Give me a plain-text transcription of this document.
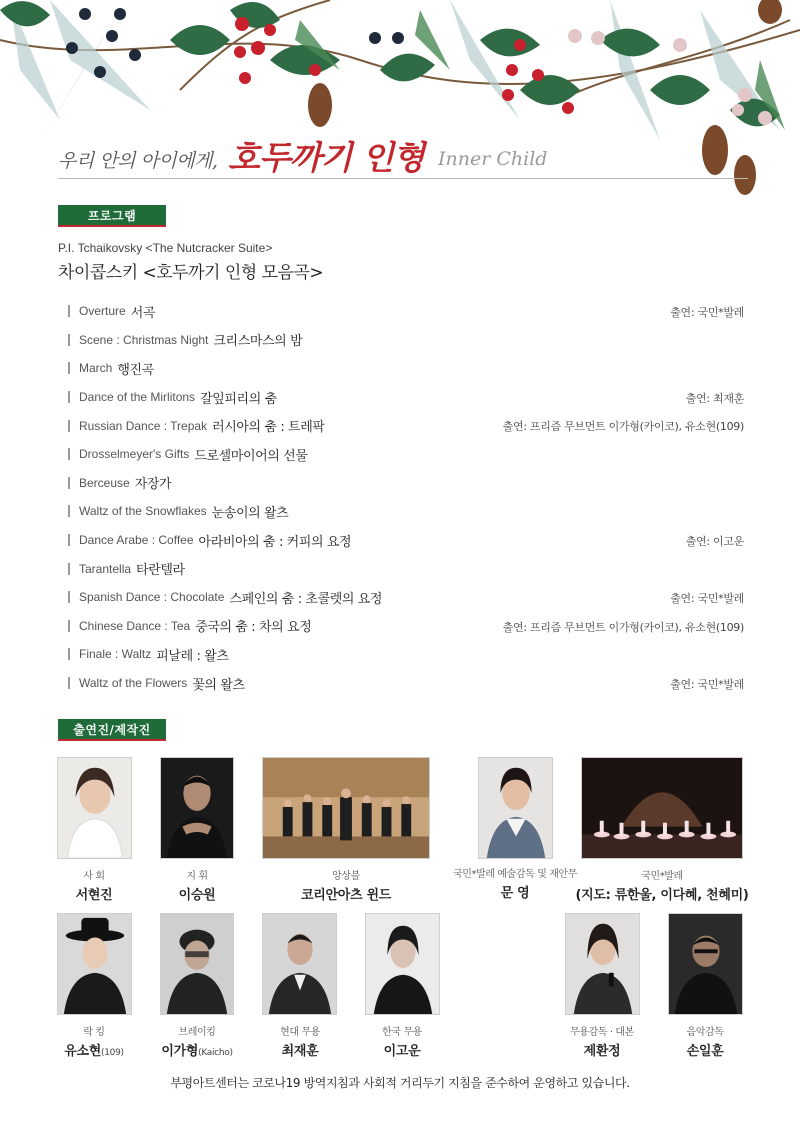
우리 안의 아이에게, 호두까기 인형 Inner Child
프로그램
P.I. Tchaikovsky <The Nutcracker Suite>
차이콥스키 <호두까기 인형 모음곡>
Overture 서곡	출연: 국민*발레
Scene : Christmas Night 크리스마스의 밤
March 행진곡
Dance of the Mirlitons 갈잎피리의 춤	출연: 최재훈
Russian Dance : Trepak 러시아의 춤 : 트레팍	출연: 프리즘 무브먼트 이가형(카이코), 유소현(109)
Drosselmeyer's Gifts 드로셀마이어의 선물
Berceuse 자장가
Waltz of the Snowflakes 눈송이의 왈츠
Dance Arabe : Coffee 아라비아의 춤 : 커피의 요정	출연: 이고운
Tarantella 타란텔라
Spanish Dance : Chocolate 스페인의 춤 : 초콜렛의 요정	출연: 국민*발레
Chinese Dance : Tea 중국의 춤 : 차의 요정	출연: 프리즘 무브먼트 이가형(카이코), 유소현(109)
Finale : Waltz 피날레 : 왈츠
Waltz of the Flowers 꽃의 왈츠	출연: 국민*발레
출연진/제작진
사 회
서현진
지 휘
이승원
앙상블
코리안아츠 윈드
국민*발레 예술감독 및 재안무
문 영
국민*발레
(지도: 류한울, 이다혜, 천혜미)
락 킹
유소현(109)
브레이킹
이가형(Kaicho)
현대 무용
최재훈
한국 무용
이고운
무용감독 · 대본
제환정
음악감독
손일훈
부평아트센터는 코로나19 방역지침과 사회적 거리두기 지침을 준수하여 운영하고 있습니다.
